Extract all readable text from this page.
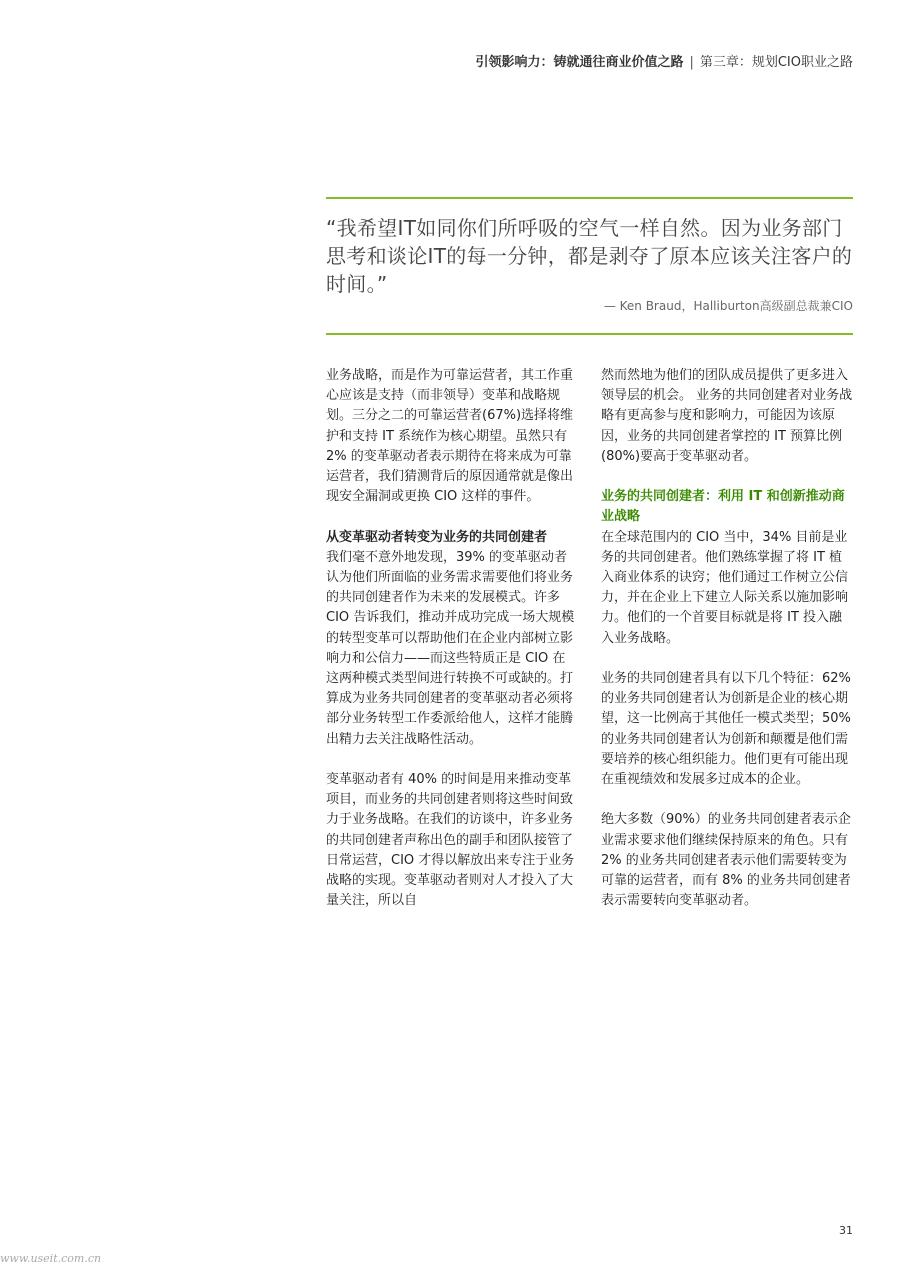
引领影响力：铸就通往商业价值之路 | 第三章：规划CIO职业之路
“我希望IT如同你们所呼吸的空气一样自然。因为业务部门思考和谈论IT的每一分钟，都是剥夺了原本应该关注客户的时间。”
— Ken Braud，Halliburton高级副总裁兼CIO

业务战略，而是作为可靠运营者，其工作重心应该是支持（而非领导）变革和战略规划。三分之二的可靠运营者(67%)选择将维护和支持 IT 系统作为核心期望。虽然只有 2% 的变革驱动者表示期待在将来成为可靠运营者，我们猜测背后的原因通常就是像出现安全漏洞或更换 CIO 这样的事件。

从变革驱动者转变为业务的共同创建者
我们毫不意外地发现，39% 的变革驱动者认为他们所面临的业务需求需要他们将业务的共同创建者作为未来的发展模式。许多 CIO 告诉我们，推动并成功完成一场大规模的转型变革可以帮助他们在企业内部树立影响力和公信力——而这些特质正是 CIO 在这两种模式类型间进行转换不可或缺的。打算成为业务共同创建者的变革驱动者必须将部分业务转型工作委派给他人，这样才能腾出精力去关注战略性活动。

变革驱动者有 40% 的时间是用来推动变革项目，而业务的共同创建者则将这些时间致力于业务战略。在我们的访谈中，许多业务的共同创建者声称出色的副手和团队接管了日常运营，CIO 才得以解放出来专注于业务战略的实现。变革驱动者则对人才投入了大量关注，所以自

然而然地为他们的团队成员提供了更多进入领导层的机会。 业务的共同创建者对业务战略有更高参与度和影响力，可能因为该原因，业务的共同创建者掌控的 IT 预算比例(80%)要高于变革驱动者。

业务的共同创建者：利用 IT 和创新推动商业战略
在全球范围内的 CIO 当中，34% 目前是业务的共同创建者。他们熟练掌握了将 IT 植入商业体系的诀窍；他们通过工作树立公信力，并在企业上下建立人际关系以施加影响力。他们的一个首要目标就是将 IT 投入融入业务战略。

业务的共同创建者具有以下几个特征：62% 的业务共同创建者认为创新是企业的核心期望，这一比例高于其他任一模式类型；50% 的业务共同创建者认为创新和颠覆是他们需要培养的核心组织能力。他们更有可能出现在重视绩效和发展多过成本的企业。

绝大多数（90%）的业务共同创建者表示企业需求要求他们继续保持原来的角色。只有 2% 的业务共同创建者表示他们需要转变为可靠的运营者，而有 8% 的业务共同创建者表示需要转向变革驱动者。

31
www.useit.com.cn
